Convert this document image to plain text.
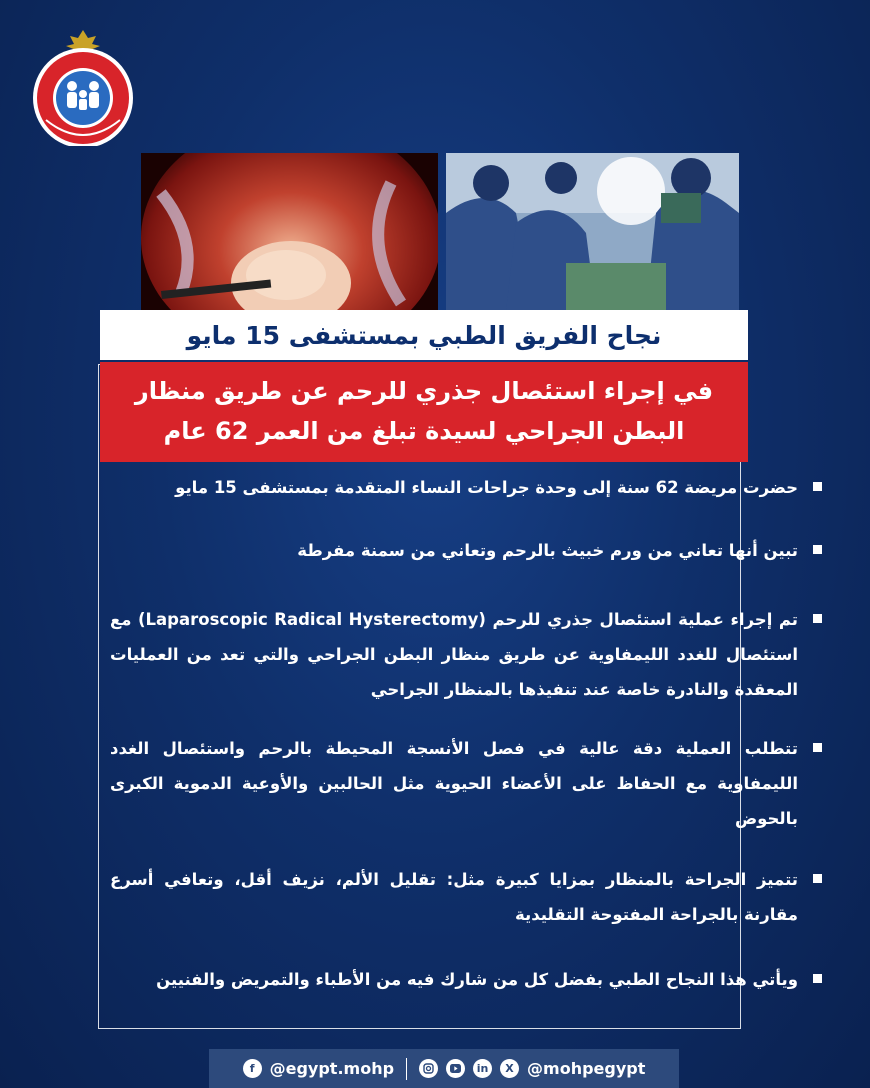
نجاح الفريق الطبي بمستشفى 15 مايو
في إجراء استئصال جذري للرحم عن طريق منظار
البطن الجراحي لسيدة تبلغ من العمر 62 عام
حضرت مريضة 62 سنة إلى وحدة جراحات النساء المتقدمة بمستشفى 15 مايو
تبين أنها تعاني من ورم خبيث بالرحم وتعاني من سمنة مفرطة
تم إجراء عملية استئصال جذري للرحم (Laparoscopic Radical Hysterectomy) مع استئصال للغدد الليمفاوية عن طريق منظار البطن الجراحي والتي تعد من العمليات المعقدة والنادرة خاصة عند تنفيذها بالمنظار الجراحي
تتطلب العملية دقة عالية في فصل الأنسجة المحيطة بالرحم واستئصال الغدد الليمفاوية مع الحفاظ على الأعضاء الحيوية مثل الحالبين والأوعية الدموية الكبرى بالحوض
تتميز الجراحة بالمنظار بمزايا كبيرة مثل: تقليل الألم، نزيف أقل، وتعافي أسرع مقارنة بالجراحة المفتوحة التقليدية
ويأتي هذا النجاح الطبي بفضل كل من شارك فيه من الأطباء والتمريض والفنيين
f @egypt.mohp	in	X @mohpegypt
